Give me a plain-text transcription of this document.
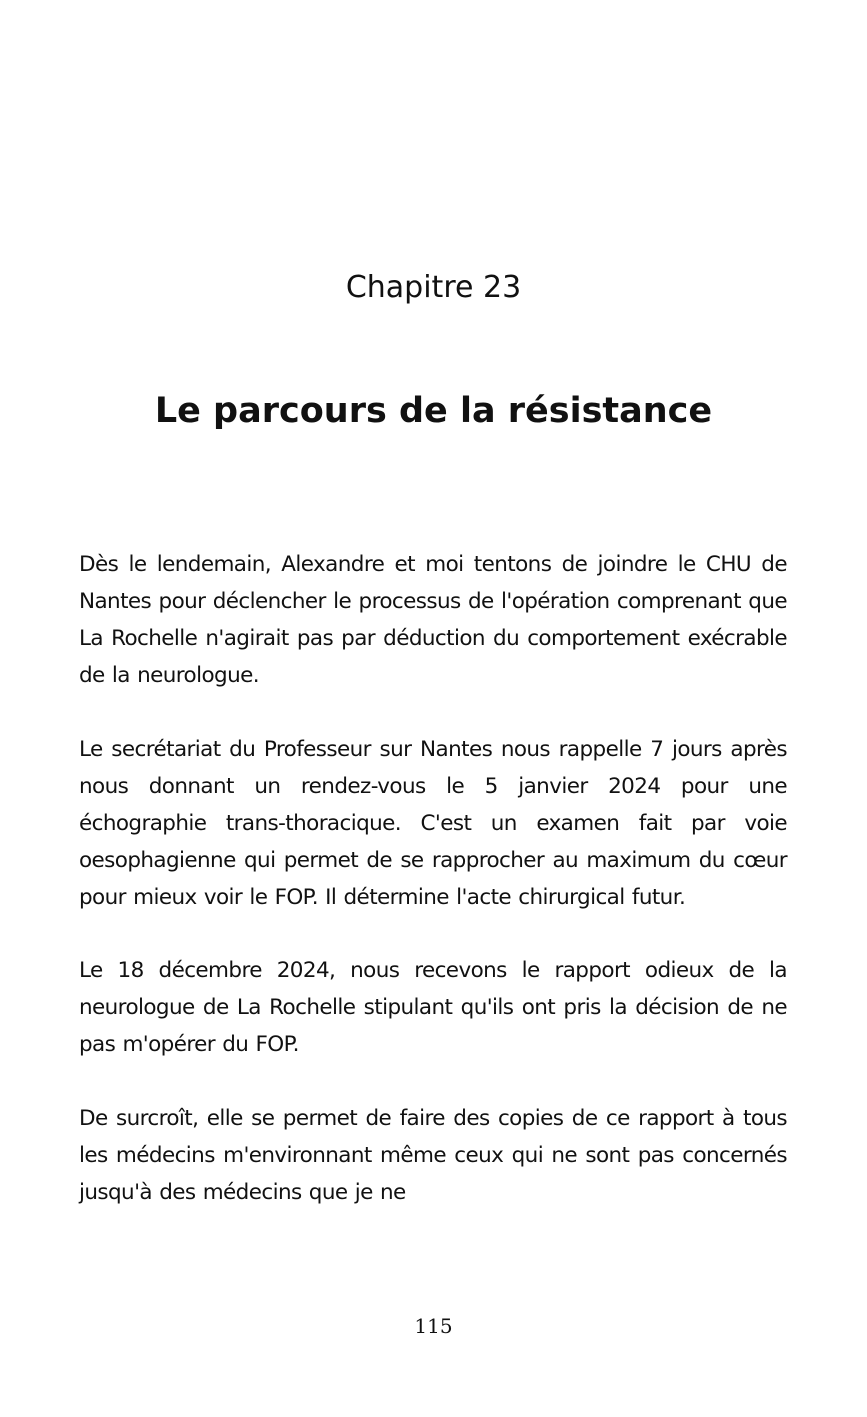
Chapitre 23
Le parcours de la résistance

Dès le lendemain, Alexandre et moi tentons de joindre le CHU de Nantes pour déclencher le processus de l'opération comprenant que La Rochelle n'agirait pas par déduction du comportement exécrable de la neurologue.

Le secrétariat du Professeur sur Nantes nous rappelle 7 jours après nous donnant un rendez-vous le 5 janvier 2024 pour une échographie trans-thoracique. C'est un examen fait par voie oesophagienne qui permet de se rapprocher au maximum du cœur pour mieux voir le FOP. Il détermine l'acte chirurgical futur.

Le 18 décembre 2024, nous recevons le rapport odieux de la neurologue de La Rochelle stipulant qu'ils ont pris la décision de ne pas m'opérer du FOP.

De surcroît, elle se permet de faire des copies de ce rapport à tous les médecins m'environnant même ceux qui ne sont pas concernés jusqu'à des médecins que je ne

115
